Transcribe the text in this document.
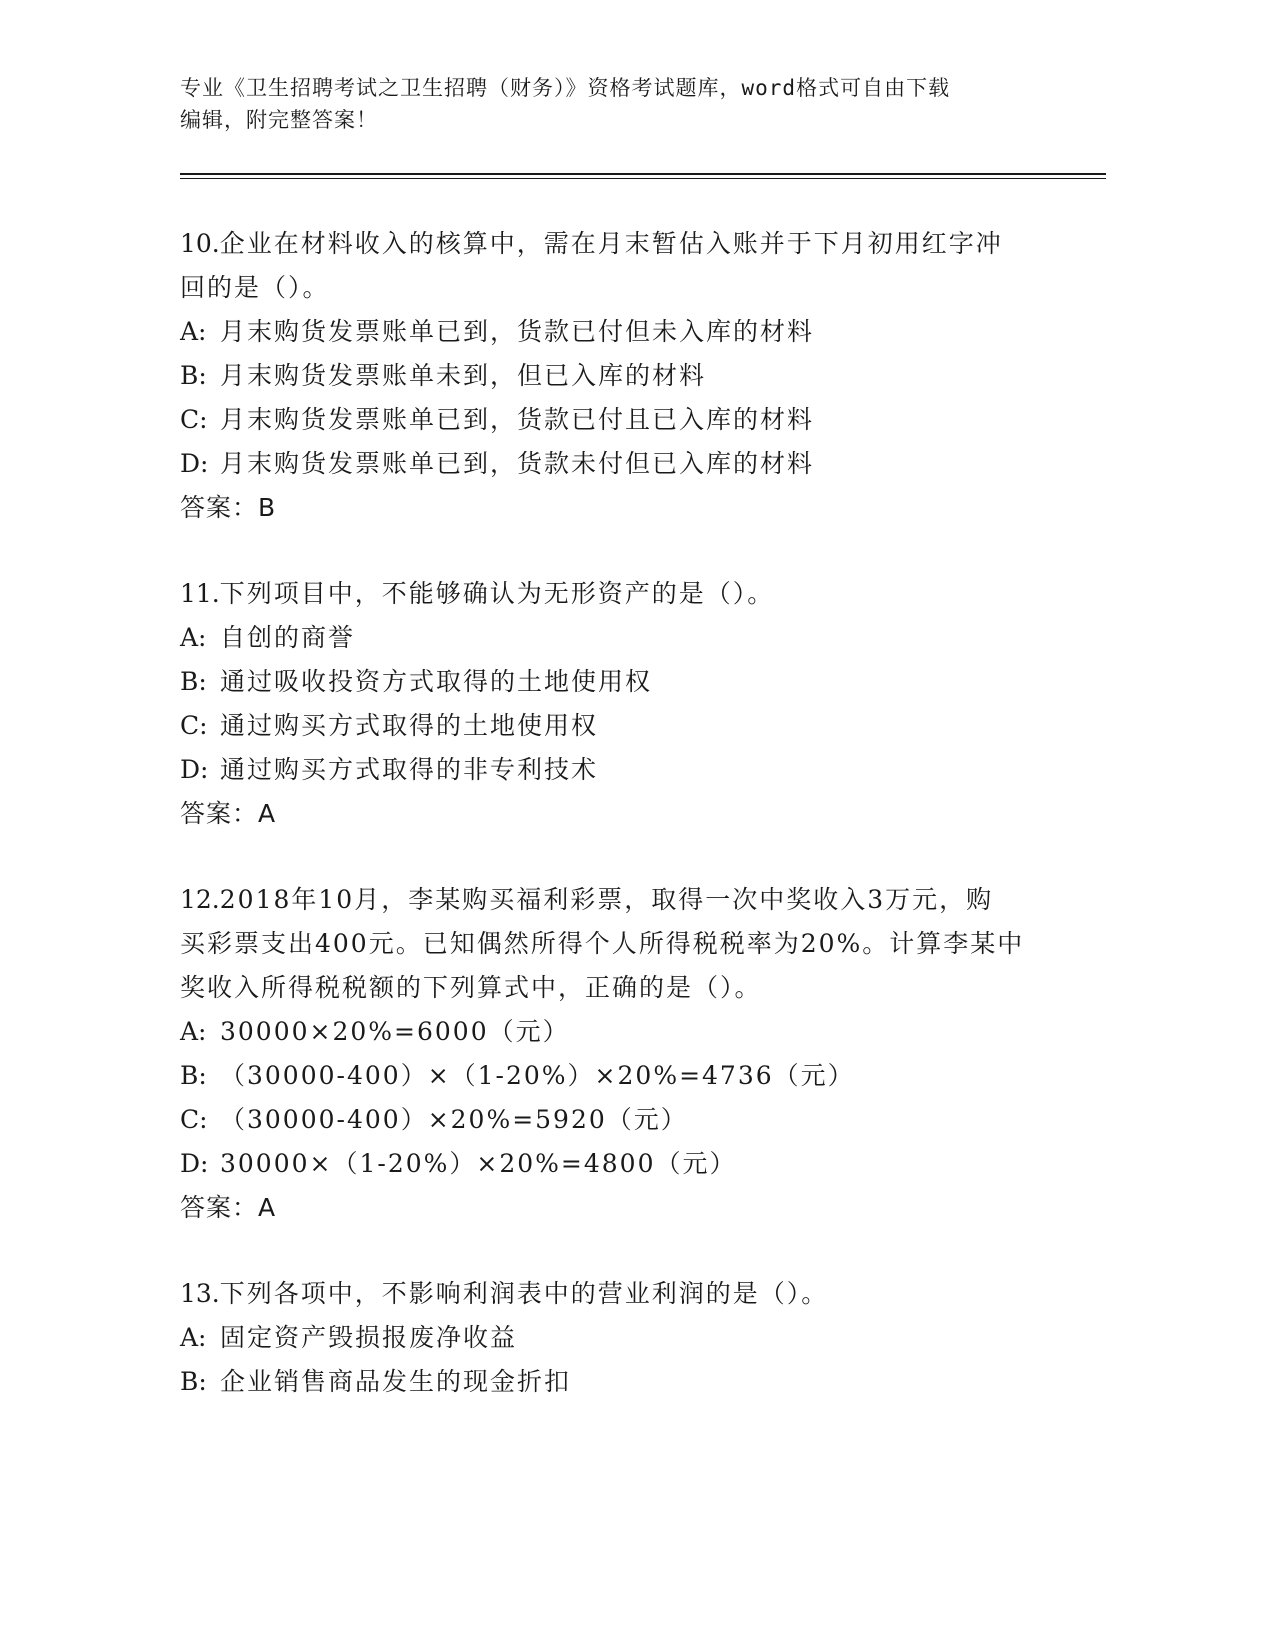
专业《卫生招聘考试之卫生招聘（财务）》资格考试题库，word格式可自由下载

编辑，附完整答案！

10.企业在材料收入的核算中，需在月末暂估入账并于下月初用红字冲

回的是（）。

A: 月末购货发票账单已到，货款已付但未入库的材料

B: 月末购货发票账单未到，但已入库的材料

C: 月末购货发票账单已到，货款已付且已入库的材料

D: 月末购货发票账单已到，货款未付但已入库的材料

答案：B

11.下列项目中，不能够确认为无形资产的是（）。

A: 自创的商誉

B: 通过吸收投资方式取得的土地使用权

C: 通过购买方式取得的土地使用权

D: 通过购买方式取得的非专利技术

答案：A

12.2018年10月，李某购买福利彩票，取得一次中奖收入3万元，购

买彩票支出400元。已知偶然所得个人所得税税率为20%。计算李某中

奖收入所得税税额的下列算式中，正确的是（）。

A: 30000×20%=6000（元）

B: （30000-400）×（1-20%）×20%=4736（元）

C: （30000-400）×20%=5920（元）

D: 30000×（1-20%）×20%=4800（元）

答案：A

13.下列各项中，不影响利润表中的营业利润的是（）。

A: 固定资产毁损报废净收益

B: 企业销售商品发生的现金折扣
